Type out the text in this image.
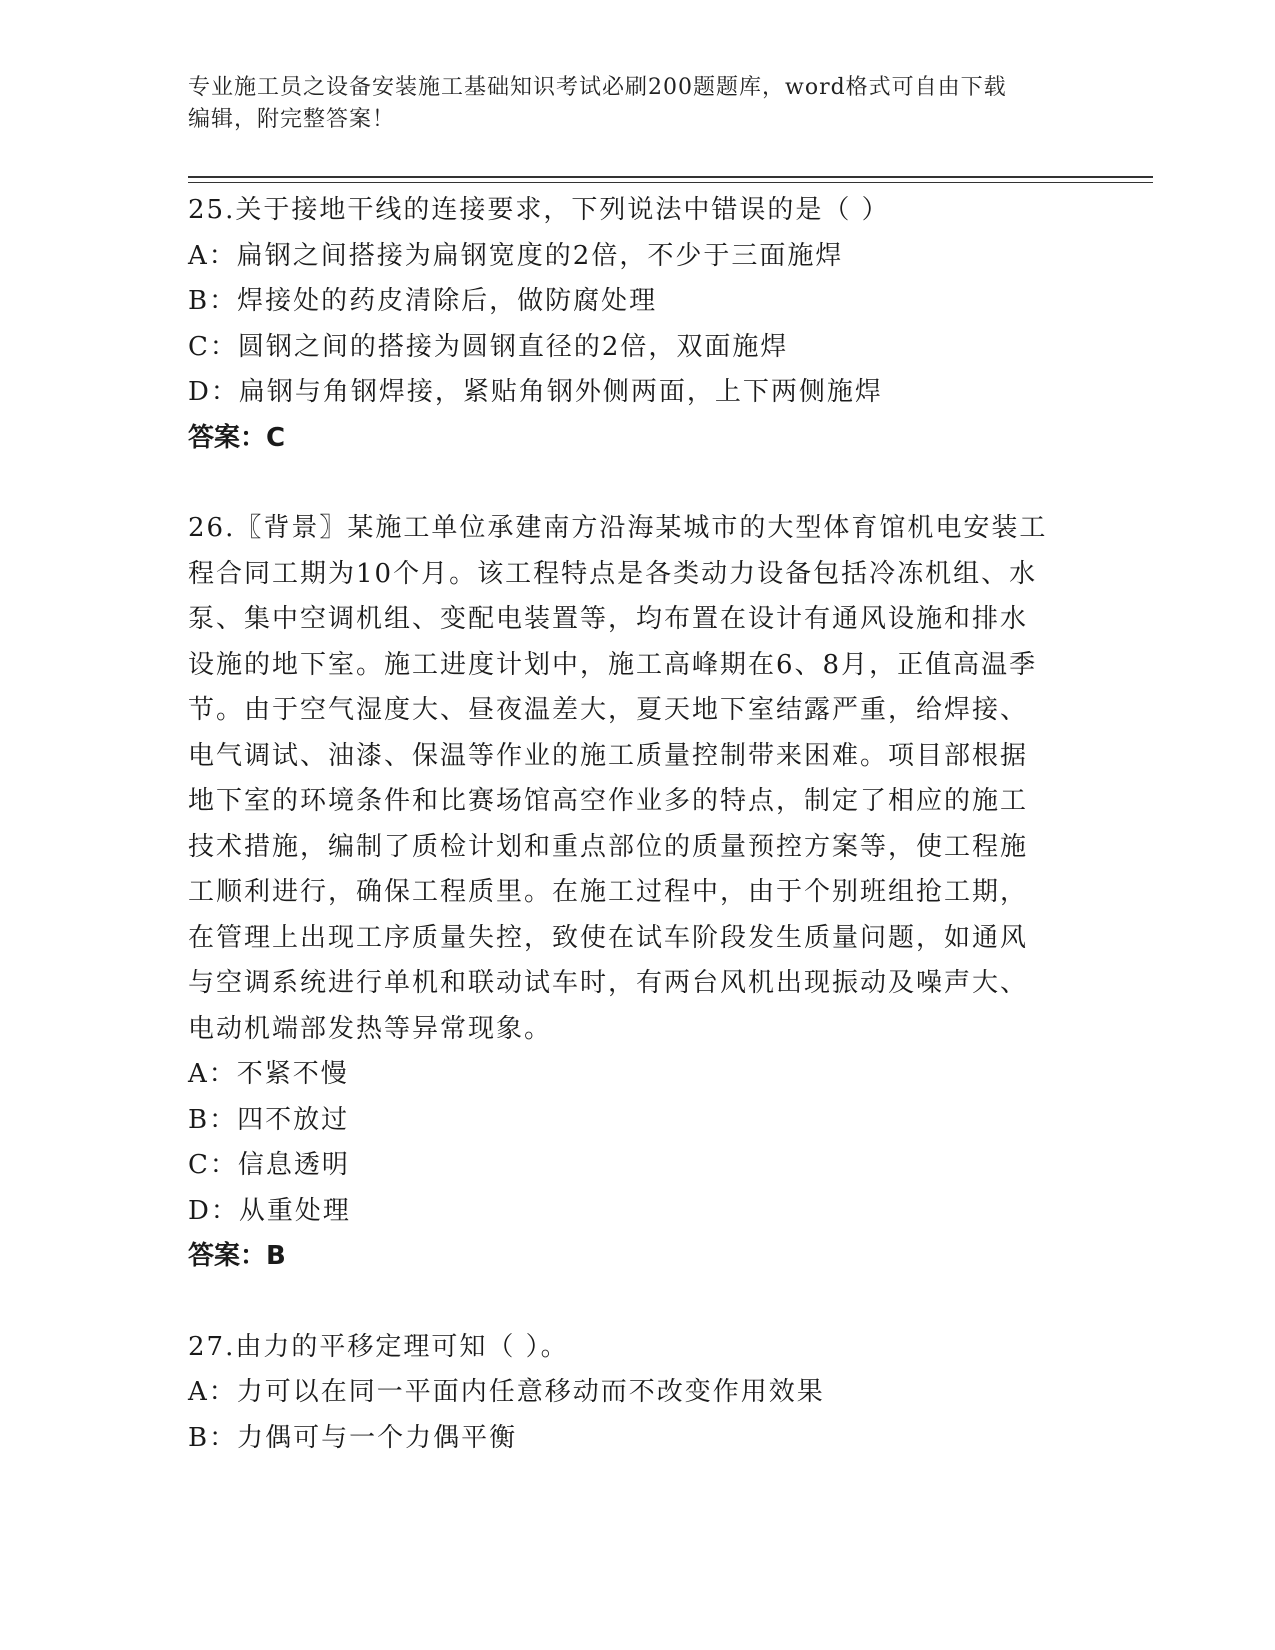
专业施工员之设备安装施工基础知识考试必刷200题题库，word格式可自由下载
编辑，附完整答案！
25.关于接地干线的连接要求，下列说法中错误的是（ ）
A：扁钢之间搭接为扁钢宽度的2倍，不少于三面施焊
B：焊接处的药皮清除后，做防腐处理
C：圆钢之间的搭接为圆钢直径的2倍，双面施焊
D：扁钢与角钢焊接，紧贴角钢外侧两面，上下两侧施焊
答案：C
26.〖背景〗某施工单位承建南方沿海某城市的大型体育馆机电安装工
程合同工期为10个月。该工程特点是各类动力设备包括冷冻机组、水
泵、集中空调机组、变配电装置等，均布置在设计有通风设施和排水
设施的地下室。施工进度计划中，施工高峰期在6、8月，正值高温季
节。由于空气湿度大、昼夜温差大，夏天地下室结露严重，给焊接、
电气调试、油漆、保温等作业的施工质量控制带来困难。项目部根据
地下室的环境条件和比赛场馆高空作业多的特点，制定了相应的施工
技术措施，编制了质检计划和重点部位的质量预控方案等，使工程施
工顺利进行，确保工程质里。在施工过程中，由于个别班组抢工期，
在管理上出现工序质量失控，致使在试车阶段发生质量问题，如通风
与空调系统进行单机和联动试车时，有两台风机出现振动及噪声大、
电动机端部发热等异常现象。
A：不紧不慢
B：四不放过
C：信息透明
D：从重处理
答案：B
27.由力的平移定理可知（ ）。
A：力可以在同一平面内任意移动而不改变作用效果
B：力偶可与一个力偶平衡
